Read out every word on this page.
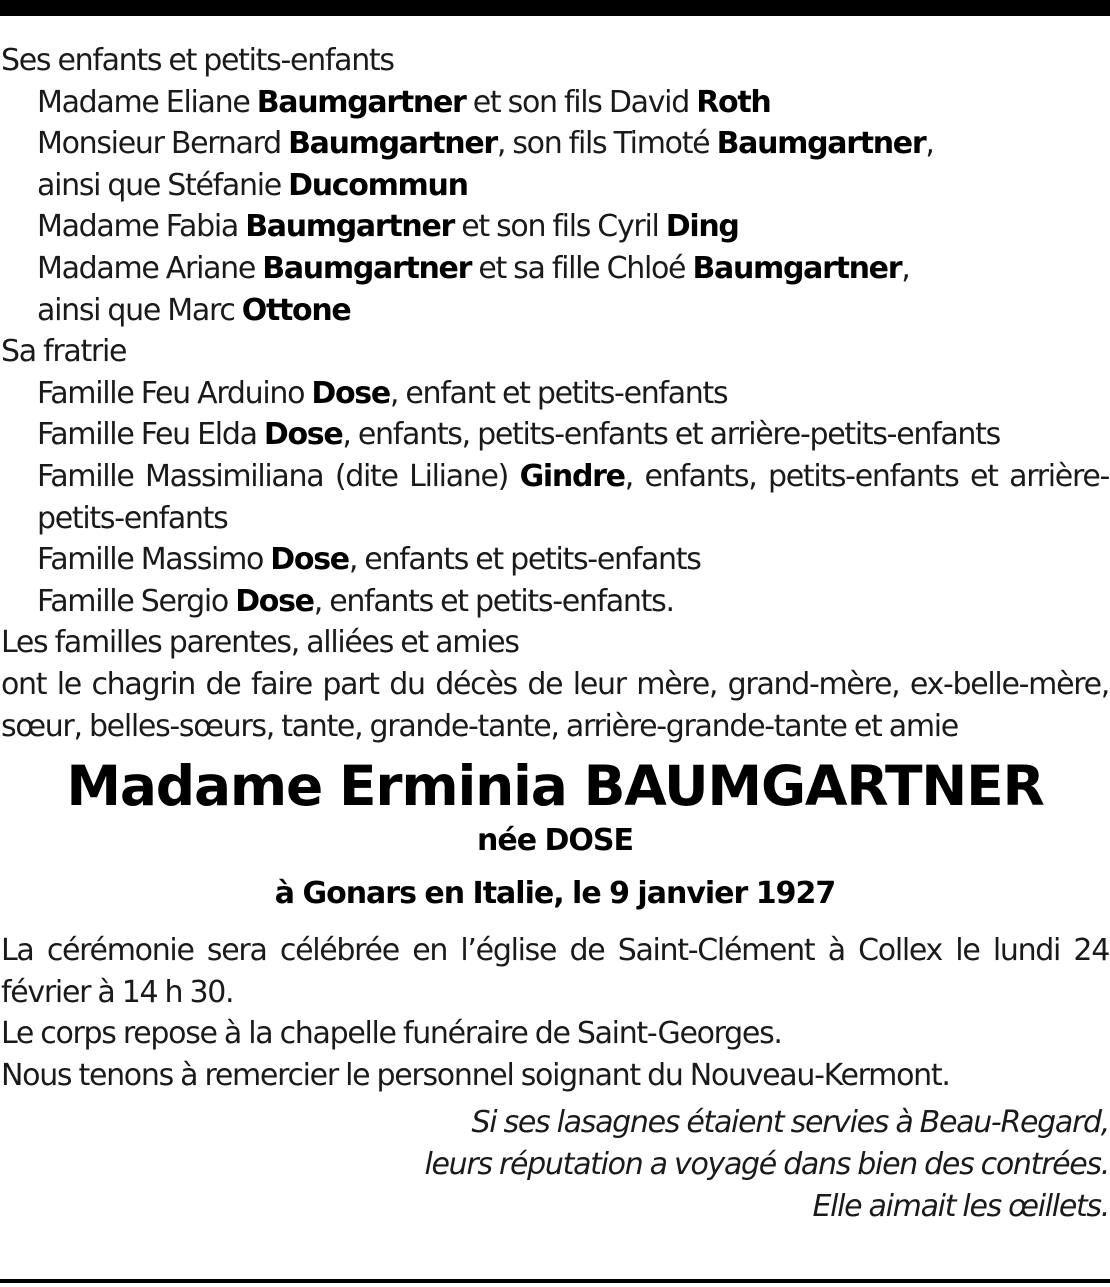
Ses enfants et petits-enfants
Madame Eliane Baumgartner et son fils David Roth
Monsieur Bernard Baumgartner, son fils Timoté Baumgartner,
ainsi que Stéfanie Ducommun
Madame Fabia Baumgartner et son fils Cyril Ding
Madame Ariane Baumgartner et sa fille Chloé Baumgartner,
ainsi que Marc Ottone
Sa fratrie
Famille Feu Arduino Dose, enfant et petits-enfants
Famille Feu Elda Dose, enfants, petits-enfants et arrière-petits-enfants
Famille Massimiliana (dite Liliane) Gindre, enfants, petits-enfants et arrière-petits-enfants
Famille Massimo Dose, enfants et petits-enfants
Famille Sergio Dose, enfants et petits-enfants.
Les familles parentes, alliées et amies
ont le chagrin de faire part du décès de leur mère, grand-mère, ex-belle-mère, sœur, belles-sœurs, tante, grande-tante, arrière-grande-tante et amie
Madame Erminia BAUMGARTNER
née DOSE
à Gonars en Italie, le 9 janvier 1927
La cérémonie sera célébrée en l’église de Saint-Clément à Collex le lundi 24 février à 14 h 30.
Le corps repose à la chapelle funéraire de Saint-Georges.
Nous tenons à remercier le personnel soignant du Nouveau-Kermont.
Si ses lasagnes étaient servies à Beau-Regard,
leurs réputation a voyagé dans bien des contrées.
Elle aimait les œillets.
